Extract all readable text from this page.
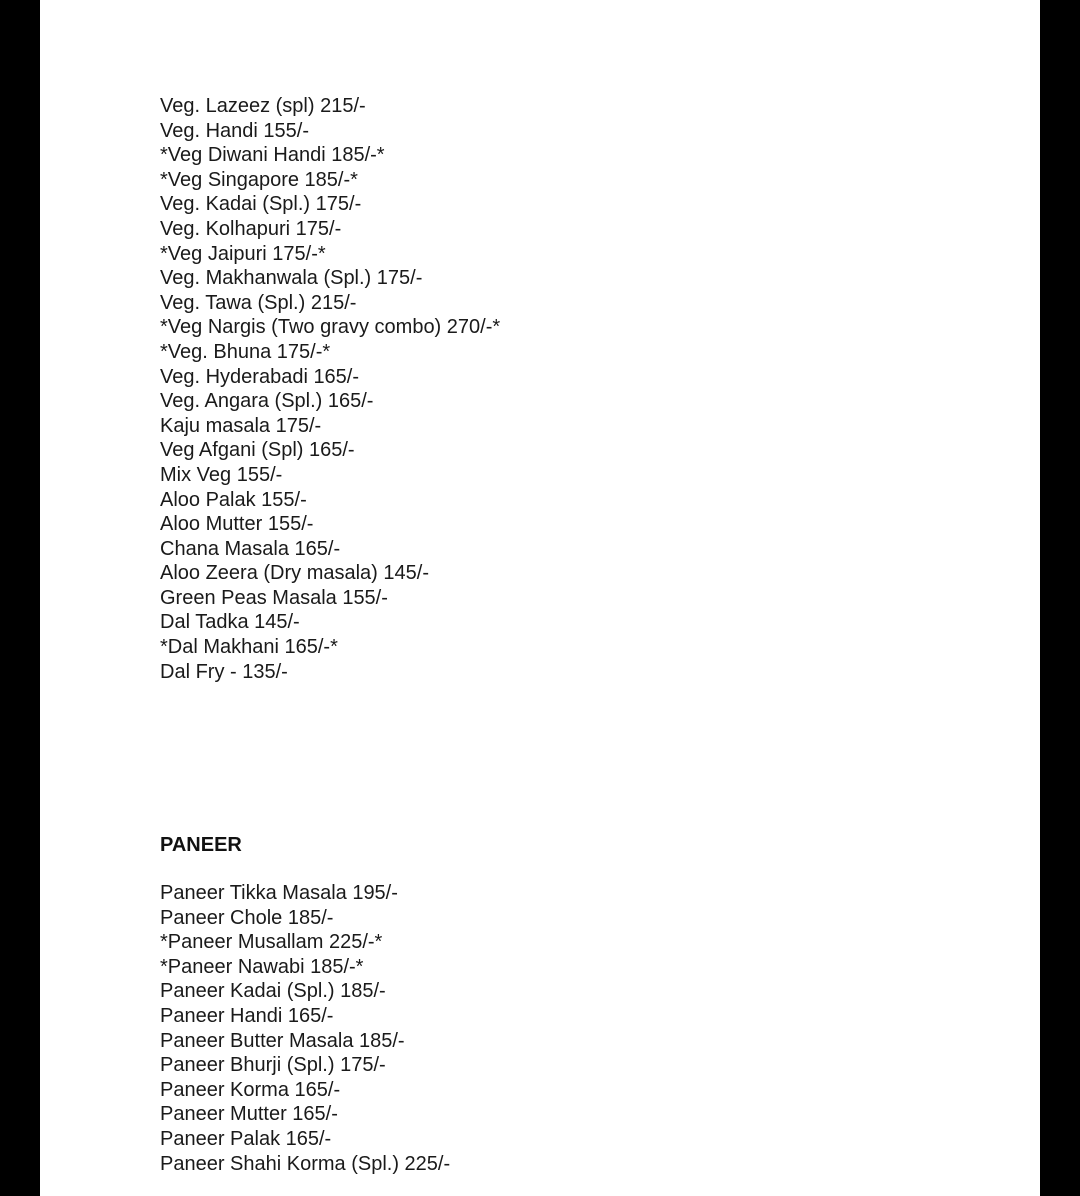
Veg. Lazeez (spl) 215/-
Veg. Handi 155/-
*Veg Diwani Handi 185/-*
*Veg Singapore 185/-*
Veg. Kadai (Spl.) 175/-
Veg. Kolhapuri 175/-
*Veg Jaipuri 175/-*
Veg. Makhanwala (Spl.) 175/-
Veg. Tawa (Spl.) 215/-
*Veg Nargis (Two gravy combo) 270/-*
*Veg. Bhuna 175/-*
Veg. Hyderabadi 165/-
Veg. Angara (Spl.) 165/-
Kaju masala 175/-
Veg Afgani (Spl) 165/-
Mix Veg 155/-
Aloo Palak 155/-
Aloo Mutter 155/-
Chana Masala 165/-
Aloo Zeera (Dry masala) 145/-
Green Peas Masala 155/-
Dal Tadka 145/-
*Dal Makhani 165/-*
Dal Fry - 135/-
PANEER
Paneer Tikka Masala 195/-
Paneer Chole 185/-
*Paneer Musallam 225/-*
*Paneer Nawabi 185/-*
Paneer Kadai (Spl.) 185/-
Paneer Handi 165/-
Paneer Butter Masala 185/-
Paneer Bhurji (Spl.) 175/-
Paneer Korma 165/-
Paneer Mutter 165/-
Paneer Palak 165/-
Paneer Shahi Korma (Spl.) 225/-
